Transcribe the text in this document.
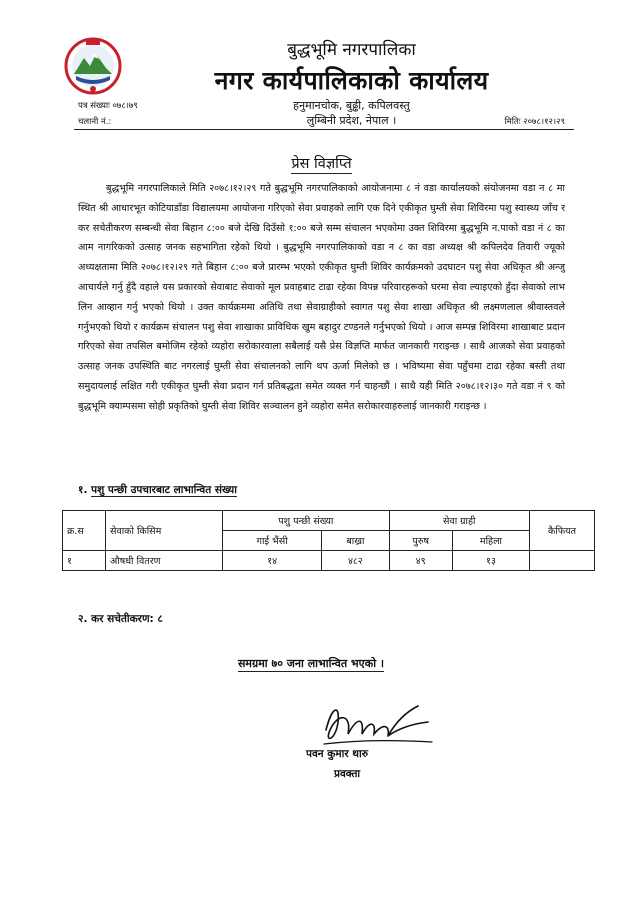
बुद्धभूमि नगरपालिका
नगर कार्यपालिकाको कार्यालय
हनुमानचोक, बुढ्ढी, कपिलवस्तु
लुम्बिनी प्रदेश, नेपाल ।
पत्र संख्याः ०७८।७९
चलानी नं.:	मितिः २०७८।१२।२९
प्रेस विज्ञप्ति
बुद्धभूमि नगरपालिकाले मिति २०७८।१२।२९ गते बुद्धभूमि नगरपालिकाको आयोजनामा ८ नं वडा कार्यालयको संयोजनमा वडा न ८ मा स्थित श्री आधारभूत कोटियाडाँडा विद्यालयमा आयोजना गरिएको सेवा प्रवाहको लागि एक दिने एकीकृत घुम्ती सेवा शिविरमा पशु स्वास्थ्य जाँच र कर सचेतीकरण सम्बन्धी सेवा बिहान ८:०० बजे देखि दिउँसो १:०० बजे सम्म संचालन भएकोमा उक्त शिविरमा बुद्धभूमि न.पाको वडा नं ८ का आम नागरिकको उत्साह जनक सहभागिता रहेको थियो । बुद्धभूमि नगरपालिकाको वडा न ८ का वडा अध्यक्ष श्री कपिलदेव तिवारी ज्यूको अध्यक्षतामा मिति २०७८।१२।२९ गते बिहान ८:०० बजे प्रारम्भ भएको एकीकृत घुम्ती शिविर कार्यक्रमको उदघाटन पशु सेवा अधिकृत श्री अन्जु आचार्यले गर्नु हुँदै वहाले यस प्रकारको सेवाबाट सेवाको मूल प्रवाहबाट टाढा रहेका विपन्न परिवारहरूको घरमा सेवा ल्याइएको हुँदा सेवाको लाभ लिन आव्हान गर्नु भएको थियो । उक्त कार्यक्रममा अतिथि तथा सेवाग्राहीको स्वागत पशु सेवा शाखा अधिकृत श्री लक्ष्मणलाल श्रीवास्तवले गर्नुभएको थियो र कार्यक्रम संचालन पशु सेवा शाखाका प्राविधिक खुम बहादुर टण्डनले गर्नुभएको थियो । आज सम्पन्न शिविरमा शाखाबाट प्रदान गरिएको सेवा तपसिल बमोजिम रहेको व्यहोरा सरोकारवाला सबैलाई यसै प्रेस विज्ञप्ति मार्फत जानकारी गराइन्छ । साथै आजको सेवा प्रवाहको उत्साह जनक उपस्थिति बाट नगरलाई घुम्ती सेवा संचालनको लागि थप ऊर्जा मिलेको छ । भविष्यमा सेवा पहुँचमा टाढा रहेका बस्ती तथा समुदायलाई लक्षित गरी एकीकृत घुम्ती सेवा प्रदान गर्न प्रतिबद्धता समेत व्यक्त गर्न चाहन्छौं । साथै यही मिति २०७८।१२।३० गते वडा नं ९ को बुद्धभूमि क्याम्पसमा सोही प्रकृतिको घुम्ती सेवा शिविर सञ्चालन हुने व्यहोरा समेत सरोकारवाहरुलाई जानकारी गराइन्छ ।
१. पशु पन्छी उपचारबाट लाभान्वित संख्या
क्र.स	सेवाको किसिम	पशु पन्छी संख्या		सेवा ग्राही		कैफियत
		गाई भैंसी	बाख्रा	पुरुष	महिला	
१	औषधी वितरण	१४	४८२	४९	१३	
२. कर सचेतीकरण: ८
समग्रमा ७० जना लाभान्वित भएको ।
पवन कुमार थारु
प्रवक्ता
